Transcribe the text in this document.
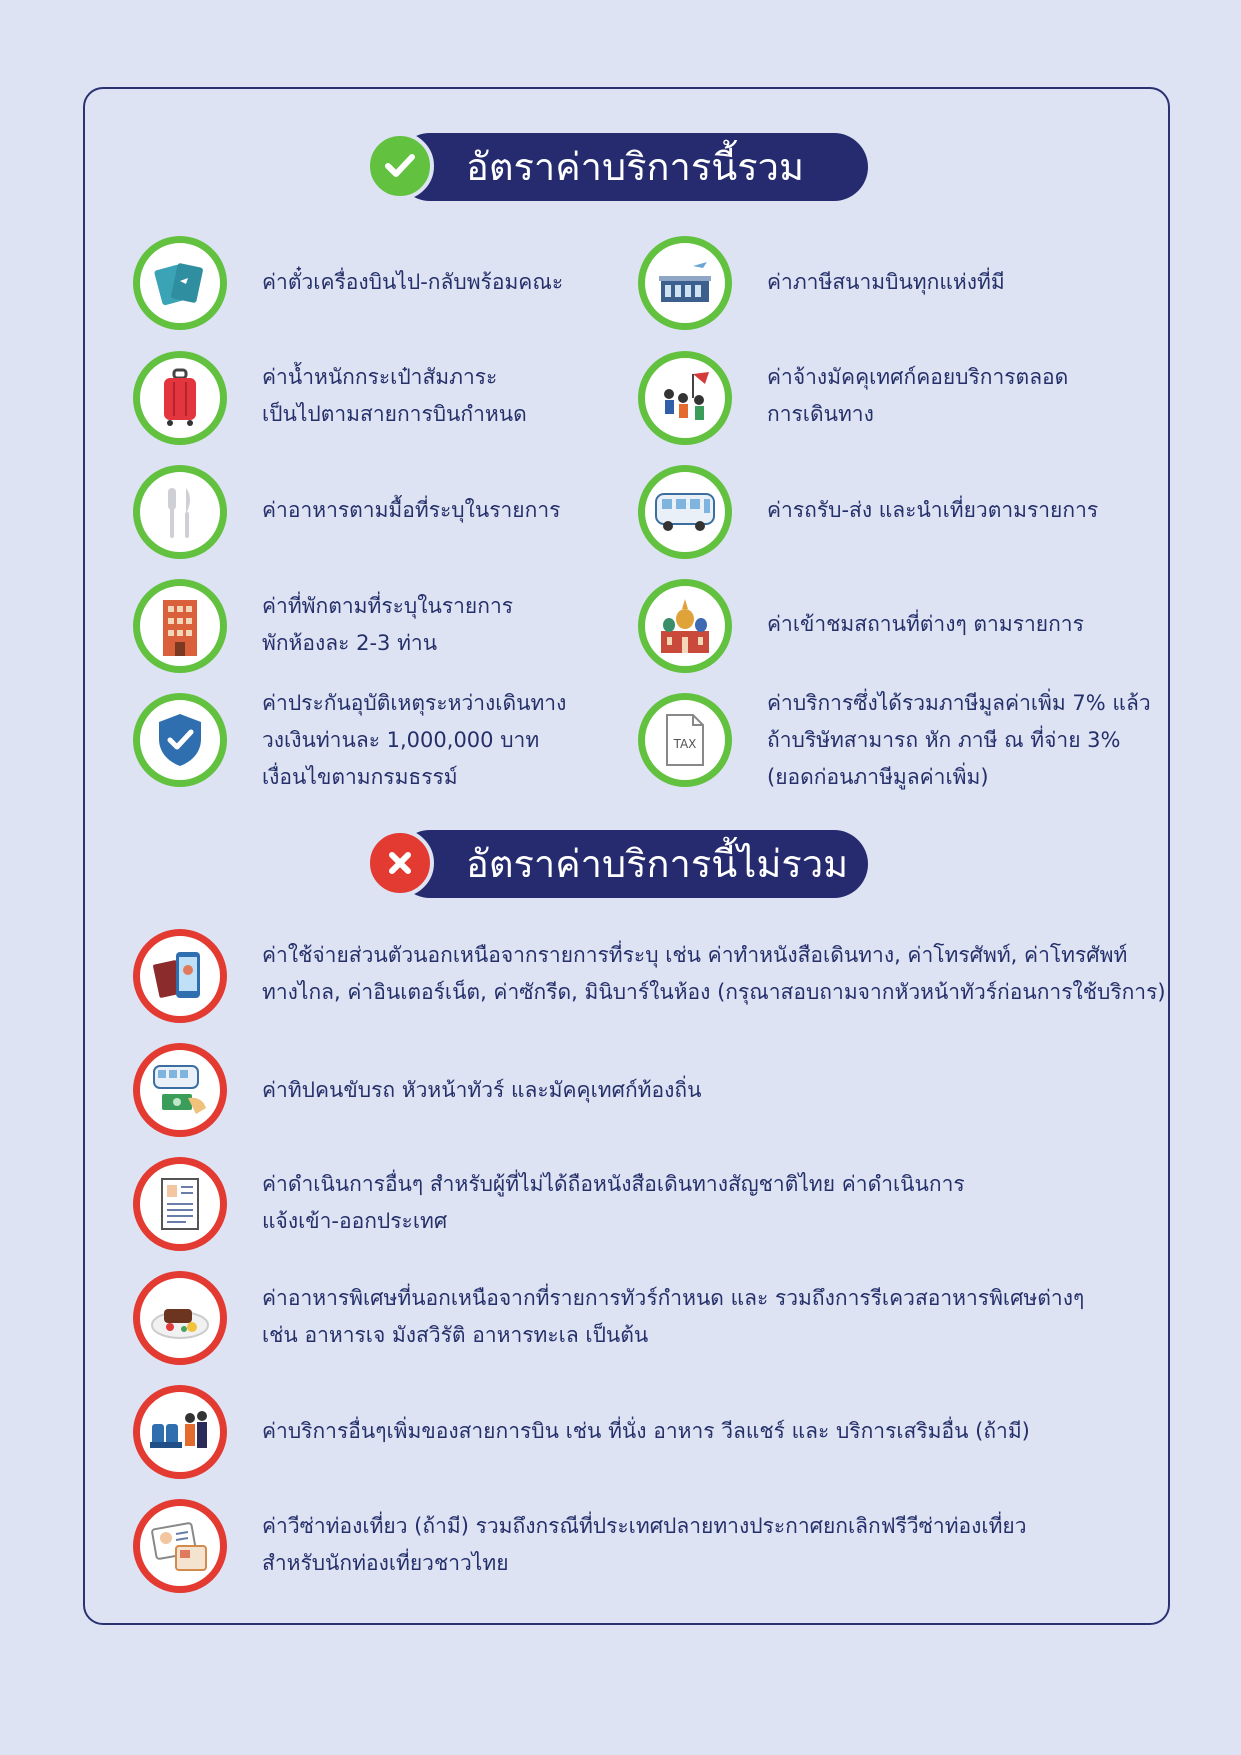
อัตราค่าบริการนี้รวม
ค่าตั๋วเครื่องบินไป-กลับพร้อมคณะ	ค่าภาษีสนามบินทุกแห่งที่มี
ค่าน้ำหนักกระเป๋าสัมภาระ
เป็นไปตามสายการบินกำหนด
ค่าจ้างมัคคุเทศก์คอยบริการตลอด
การเดินทาง
ค่าอาหารตามมื้อที่ระบุในรายการ	ค่ารถรับ-ส่ง และนำเที่ยวตามรายการ
ค่าที่พักตามที่ระบุในรายการ
พักห้องละ 2-3 ท่าน
ค่าเข้าชมสถานที่ต่างๆ ตามรายการ
ค่าประกันอุบัติเหตุระหว่างเดินทาง
วงเงินท่านละ 1,000,000 บาท
เงื่อนไขตามกรมธรรม์
TAX
ค่าบริการซึ่งได้รวมภาษีมูลค่าเพิ่ม 7% แล้ว
ถ้าบริษัทสามารถ หัก ภาษี ณ ที่จ่าย 3%
(ยอดก่อนภาษีมูลค่าเพิ่ม)
อัตราค่าบริการนี้ไม่รวม
ค่าใช้จ่ายส่วนตัวนอกเหนือจากรายการที่ระบุ เช่น ค่าทำหนังสือเดินทาง, ค่าโทรศัพท์, ค่าโทรศัพท์
ทางไกล, ค่าอินเตอร์เน็ต, ค่าซักรีด, มินิบาร์ในห้อง (กรุณาสอบถามจากหัวหน้าทัวร์ก่อนการใช้บริการ)
ค่าทิปคนขับรถ หัวหน้าทัวร์ และมัคคุเทศก์ท้องถิ่น
ค่าดำเนินการอื่นๆ สำหรับผู้ที่ไม่ได้ถือหนังสือเดินทางสัญชาติไทย ค่าดำเนินการ
แจ้งเข้า-ออกประเทศ
ค่าอาหารพิเศษที่นอกเหนือจากที่รายการทัวร์กำหนด และ รวมถึงการรีเควสอาหารพิเศษต่างๆ
เช่น อาหารเจ มังสวิรัติ อาหารทะเล เป็นต้น
ค่าบริการอื่นๆเพิ่มของสายการบิน เช่น ที่นั่ง อาหาร วีลแชร์ และ บริการเสริมอื่น (ถ้ามี)
ค่าวีซ่าท่องเที่ยว (ถ้ามี) รวมถึงกรณีที่ประเทศปลายทางประกาศยกเลิกฟรีวีซ่าท่องเที่ยว
สำหรับนักท่องเที่ยวชาวไทย
